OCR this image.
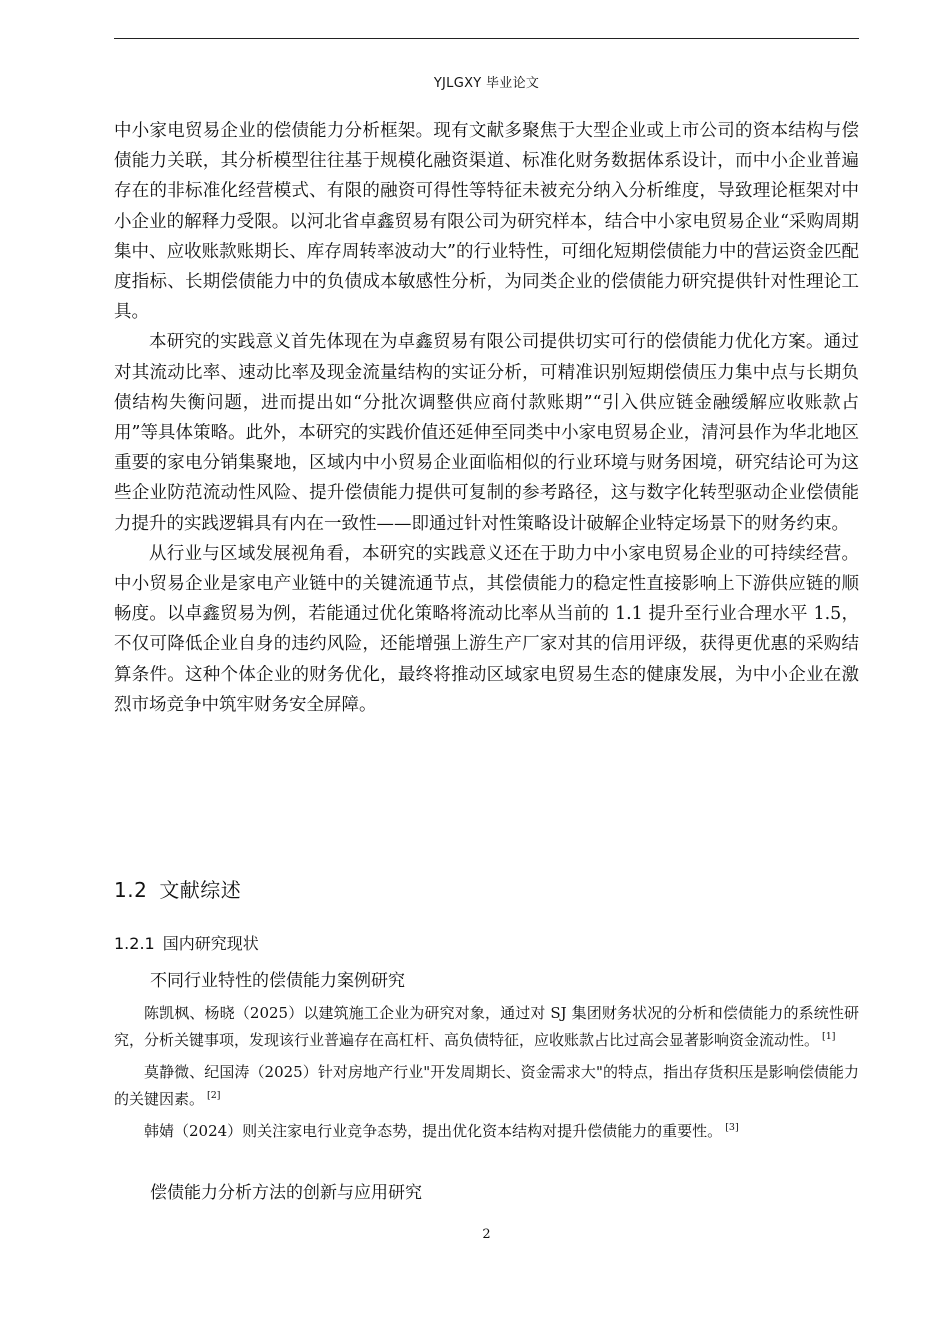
YJLGXY 毕业论文

中小家电贸易企业的偿债能力分析框架。现有文献多聚焦于大型企业或上市公司的资本结构与偿债能力关联，其分析模型往往基于规模化融资渠道、标准化财务数据体系设计，而中小企业普遍存在的非标准化经营模式、有限的融资可得性等特征未被充分纳入分析维度，导致理论框架对中小企业的解释力受限。以河北省卓鑫贸易有限公司为研究样本，结合中小家电贸易企业“采购周期集中、应收账款账期长、库存周转率波动大”的行业特性，可细化短期偿债能力中的营运资金匹配度指标、长期偿债能力中的负债成本敏感性分析，为同类企业的偿债能力研究提供针对性理论工具。

本研究的实践意义首先体现在为卓鑫贸易有限公司提供切实可行的偿债能力优化方案。通过对其流动比率、速动比率及现金流量结构的实证分析，可精准识别短期偿债压力集中点与长期负债结构失衡问题，进而提出如“分批次调整供应商付款账期”“引入供应链金融缓解应收账款占用”等具体策略。此外，本研究的实践价值还延伸至同类中小家电贸易企业，清河县作为华北地区重要的家电分销集聚地，区域内中小贸易企业面临相似的行业环境与财务困境，研究结论可为这些企业防范流动性风险、提升偿债能力提供可复制的参考路径，这与数字化转型驱动企业偿债能力提升的实践逻辑具有内在一致性——即通过针对性策略设计破解企业特定场景下的财务约束。

从行业与区域发展视角看，本研究的实践意义还在于助力中小家电贸易企业的可持续经营。中小贸易企业是家电产业链中的关键流通节点，其偿债能力的稳定性直接影响上下游供应链的顺畅度。以卓鑫贸易为例，若能通过优化策略将流动比率从当前的 1.1 提升至行业合理水平 1.5，不仅可降低企业自身的违约风险，还能增强上游生产厂家对其的信用评级，获得更优惠的采购结算条件。这种个体企业的财务优化，最终将推动区域家电贸易生态的健康发展，为中小企业在激烈市场竞争中筑牢财务安全屏障。

1.2 文献综述
1.2.1 国内研究现状

不同行业特性的偿债能力案例研究

陈凯枫、杨晓（2025）以建筑施工企业为研究对象，通过对 SJ 集团财务状况的分析和偿债能力的系统性研究，分析关键事项，发现该行业普遍存在高杠杆、高负债特征，应收账款占比过高会显著影响资金流动性。 [1]

莫静微、纪国涛（2025）针对房地产行业"开发周期长、资金需求大"的特点，指出存货积压是影响偿债能力的关键因素。 [2]

韩婧（2024）则关注家电行业竞争态势，提出优化资本结构对提升偿债能力的重要性。 [3]

偿债能力分析方法的创新与应用研究

2
